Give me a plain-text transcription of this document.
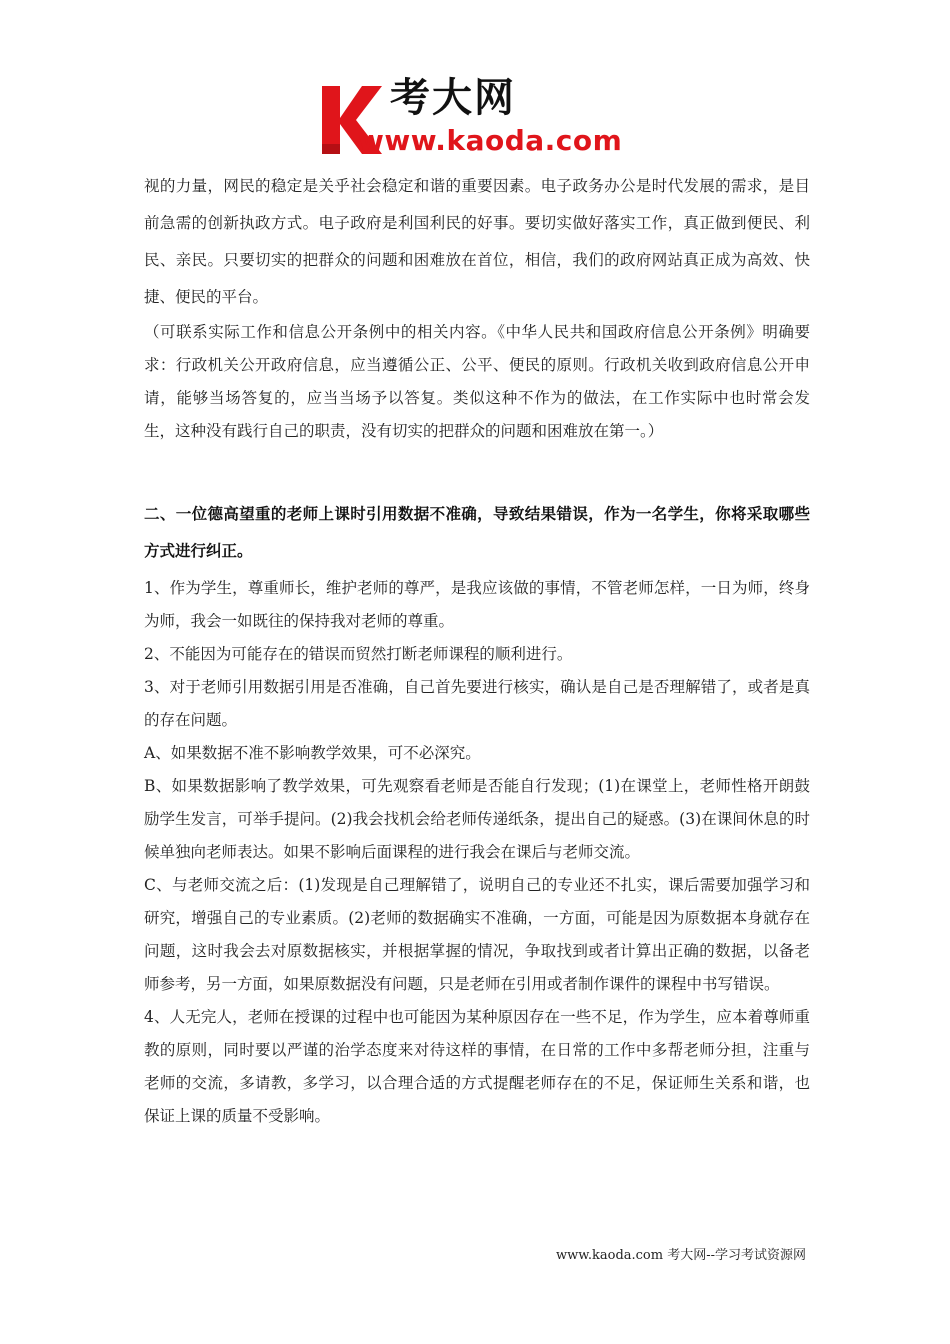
考大网
www.kaoda.com

视的力量，网民的稳定是关乎社会稳定和谐的重要因素。电子政务办公是时代发展的需求，是目前急需的创新执政方式。电子政府是利国利民的好事。要切实做好落实工作，真正做到便民、利民、亲民。只要切实的把群众的问题和困难放在首位，相信，我们的政府网站真正成为高效、快捷、便民的平台。

（可联系实际工作和信息公开条例中的相关内容。《中华人民共和国政府信息公开条例》明确要求：行政机关公开政府信息，应当遵循公正、公平、便民的原则。行政机关收到政府信息公开申请，能够当场答复的，应当当场予以答复。类似这种不作为的做法，在工作实际中也时常会发生，这种没有践行自己的职责，没有切实的把群众的问题和困难放在第一。）

二、一位德高望重的老师上课时引用数据不准确，导致结果错误，作为一名学生，你将采取哪些方式进行纠正。

1、作为学生，尊重师长，维护老师的尊严，是我应该做的事情，不管老师怎样，一日为师，终身为师，我会一如既往的保持我对老师的尊重。

2、不能因为可能存在的错误而贸然打断老师课程的顺利进行。

3、对于老师引用数据引用是否准确，自己首先要进行核实，确认是自己是否理解错了，或者是真的存在问题。

A、如果数据不准不影响教学效果，可不必深究。

B、如果数据影响了教学效果，可先观察看老师是否能自行发现；(1)在课堂上，老师性格开朗鼓励学生发言，可举手提问。(2)我会找机会给老师传递纸条，提出自己的疑惑。(3)在课间休息的时候单独向老师表达。如果不影响后面课程的进行我会在课后与老师交流。

C、与老师交流之后：(1)发现是自己理解错了，说明自己的专业还不扎实，课后需要加强学习和研究，增强自己的专业素质。(2)老师的数据确实不准确，一方面，可能是因为原数据本身就存在问题，这时我会去对原数据核实，并根据掌握的情况，争取找到或者计算出正确的数据，以备老师参考，另一方面，如果原数据没有问题，只是老师在引用或者制作课件的课程中书写错误。

4、人无完人，老师在授课的过程中也可能因为某种原因存在一些不足，作为学生，应本着尊师重教的原则，同时要以严谨的治学态度来对待这样的事情，在日常的工作中多帮老师分担，注重与老师的交流，多请教，多学习，以合理合适的方式提醒老师存在的不足，保证师生关系和谐，也保证上课的质量不受影响。

www.kaoda.com 考大网--学习考试资源网
